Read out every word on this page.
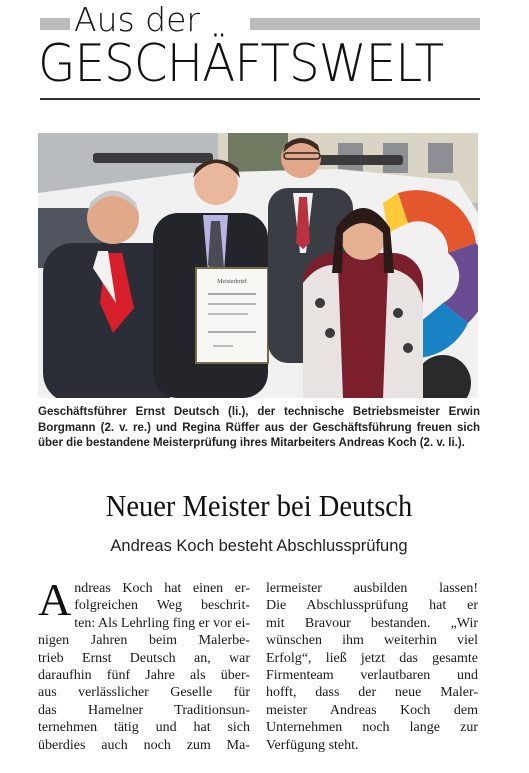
Aus der
GESCHÄFTSWELT
Meisterbrief
Geschäftsführer Ernst Deutsch (li.), der technische Betriebsmeister Erwin Borgmann (2. v. re.) und Regina Rüffer aus der Geschäftsführung freuen sich über die bestandene Meisterprüfung ihres Mitarbeiters Andreas Koch (2. v. li.).
Neuer Meister bei Deutsch
Andreas Koch besteht Abschlussprüfung
A ndreas Koch hat einen er-
folgreichen Weg beschrit-
ten: Als Lehrling fing er vor ei-
nigen Jahren beim Malerbe-
trieb Ernst Deutsch an, war
daraufhin fünf Jahre als über-
aus verlässlicher Geselle für
das Hamelner Traditionsun-
ternehmen tätig und hat sich
überdies auch noch zum Ma-
lermeister ausbilden lassen!
Die Abschlussprüfung hat er
mit Bravour bestanden. „Wir
wünschen ihm weiterhin viel
Erfolg“, ließ jetzt das gesamte
Firmenteam verlautbaren und
hofft, dass der neue Maler-
meister Andreas Koch dem
Unternehmen noch lange zur
Verfügung steht.
